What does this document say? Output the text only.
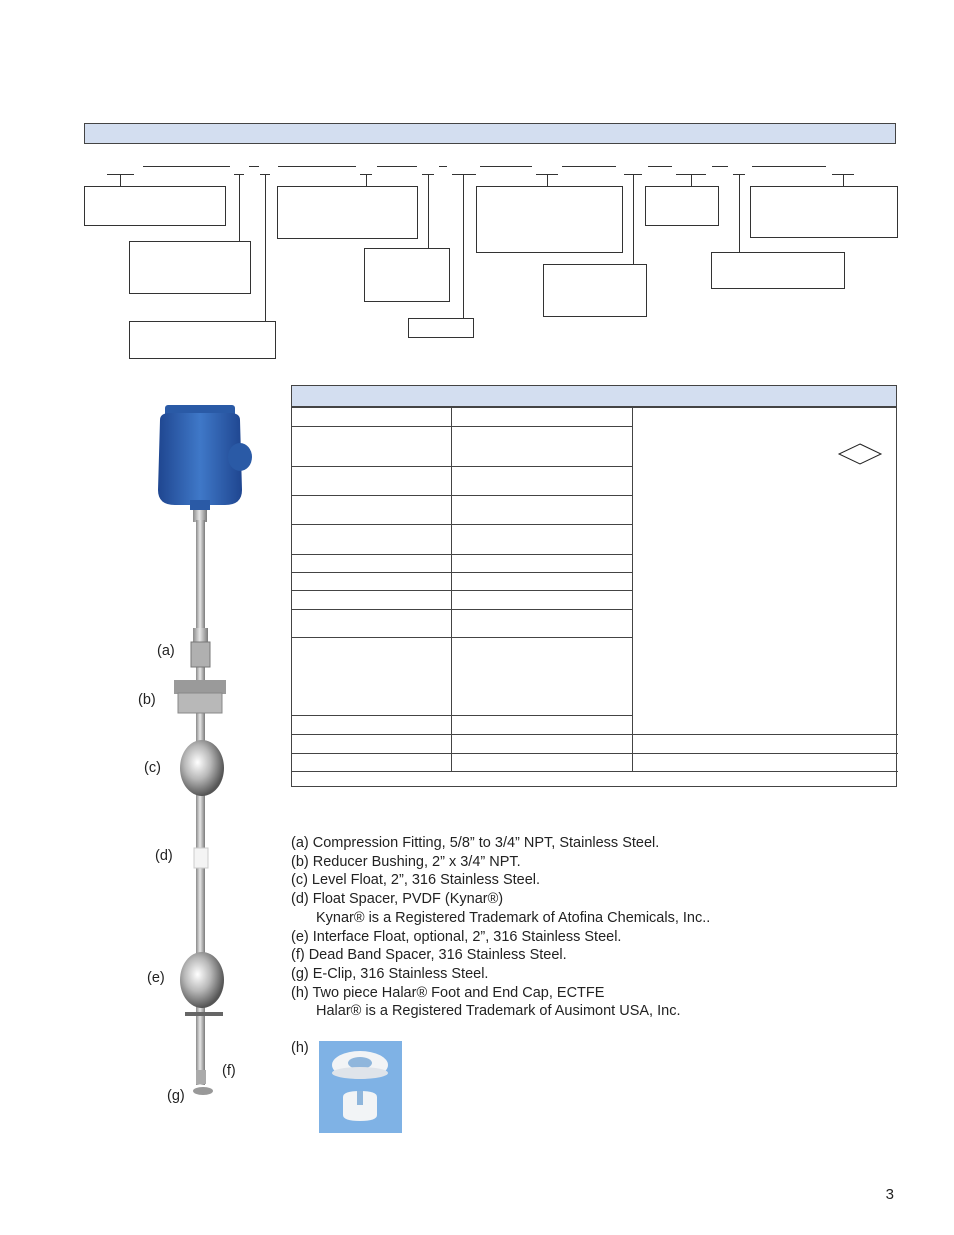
(a)
(b)
(c)
(d)
(e)
(f)
(g)
(a) Compression Fitting, 5/8” to 3/4” NPT, Stainless Steel.
(b) Reducer Bushing, 2” x 3/4” NPT.
(c) Level Float, 2”, 316 Stainless Steel.
(d) Float Spacer, PVDF (Kynar®)
Kynar® is a Registered Trademark of Atofina Chemicals, Inc..
(e) Interface Float, optional, 2”, 316 Stainless Steel.
(f) Dead Band Spacer, 316 Stainless Steel.
(g) E-Clip, 316 Stainless Steel.
(h) Two piece Halar® Foot and End Cap, ECTFE
Halar® is a Registered Trademark of Ausimont USA, Inc.
(h)
3
